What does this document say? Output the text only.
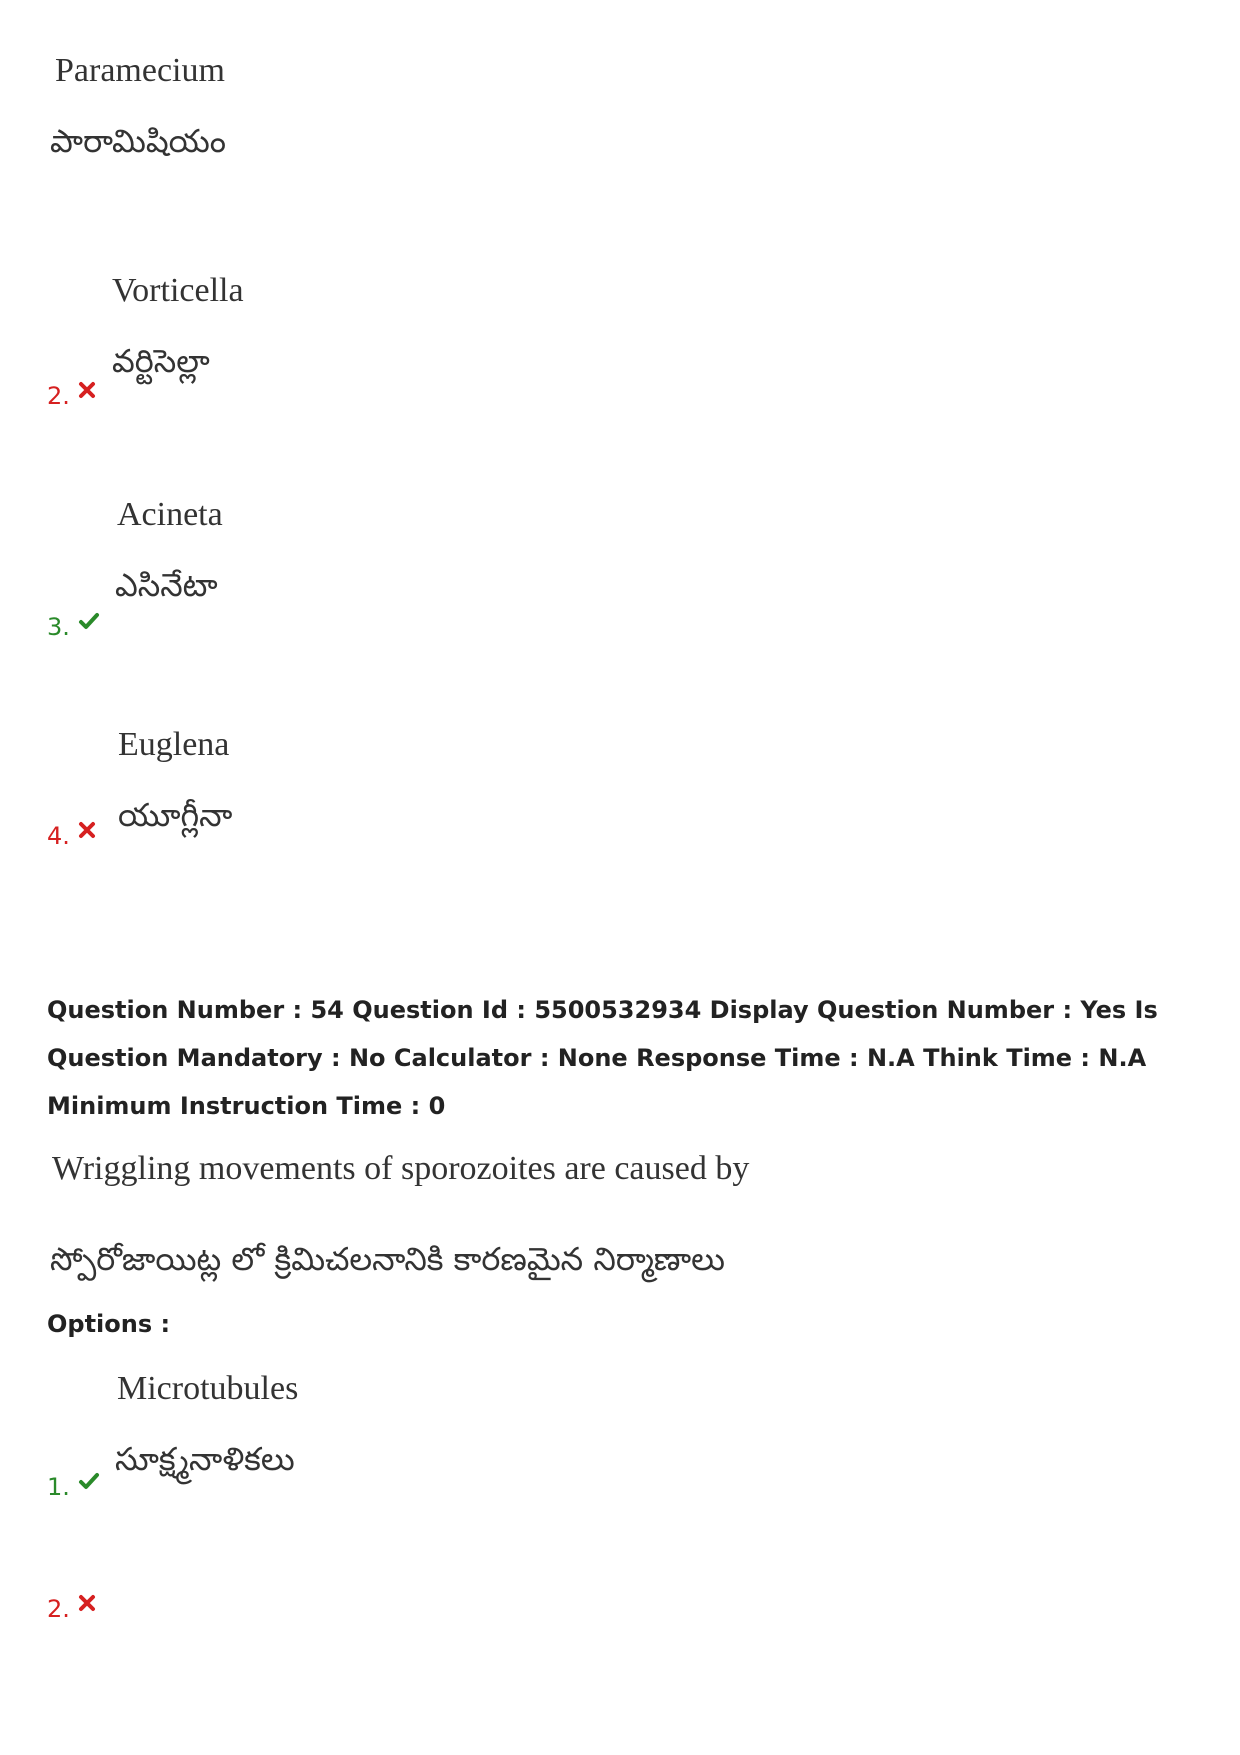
Paramecium
పారామిషియం
Vorticella
వర్టిసెల్లా
2.
Acineta
ఎసినేటా
3.
Euglena
యూగ్లీనా
4.
Question Number : 54 Question Id : 5500532934 Display Question Number : Yes Is Question Mandatory : No Calculator : None Response Time : N.A Think Time : N.A Minimum Instruction Time : 0
Wriggling movements of sporozoites are caused by
స్పోరోజాయిట్ల లో క్రిమిచలనానికి కారణమైన నిర్మాణాలు
Options :
Microtubules
సూక్ష్మనాళికలు
1.
2.
